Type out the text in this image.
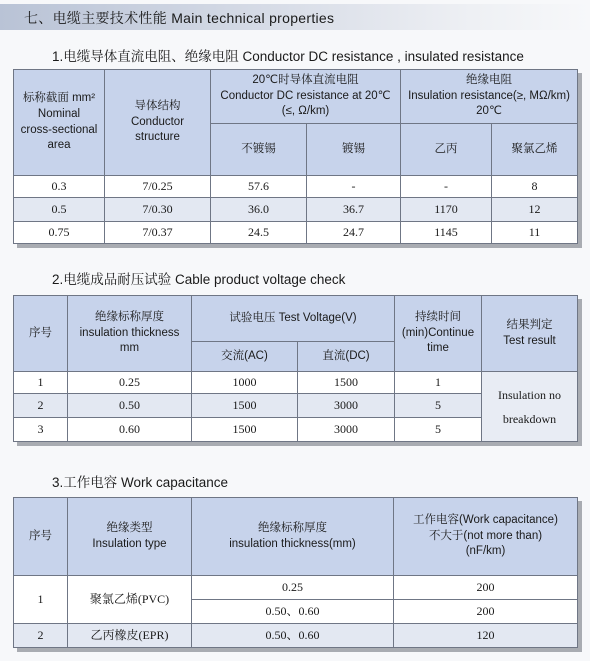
七、电缆主要技术性能 Main technical properties
1.电缆导体直流电阻、绝缘电阻 Conductor DC resistance , insulated resistance
标称截面 mm²
Nominal
cross-sectional
area	导体结构
Conductor
structure	20℃时导体直流电阻
Conductor DC resistance at 20℃
(≤, Ω/km)		绝缘电阻
Insulation resistance(≥, MΩ/km)
20℃	

		不镀锡	镀锡	乙丙	聚氯乙烯
0.3	7/0.25	57.6	-	-	8
0.5	7/0.30	36.0	36.7	1170	12
0.75	7/0.37	24.5	24.7	1145	11
2.电缆成品耐压试验 Cable product voltage check
序号	绝缘标称厚度
insulation thickness
mm	试验电压 Test Voltage(V)		持续时间
(min)Continue
time	结果判定
Test result

		交流(AC)	直流(DC)		
1	0.25	1000	1500	1	Insulation no
breakdown

2	0.50	1500	3000	5	
3	0.60	1500	3000	5	
3.工作电容 Work capacitance
序号	绝缘类型
Insulation type	绝缘标称厚度
insulation thickness(mm)	工作电容(Work capacitance)
不大于(not more than)
(nF/km)

1	聚氯乙烯(PVC)	0.25	200
		0.50、0.60	200
2	乙丙橡皮(EPR)	0.50、0.60	120
